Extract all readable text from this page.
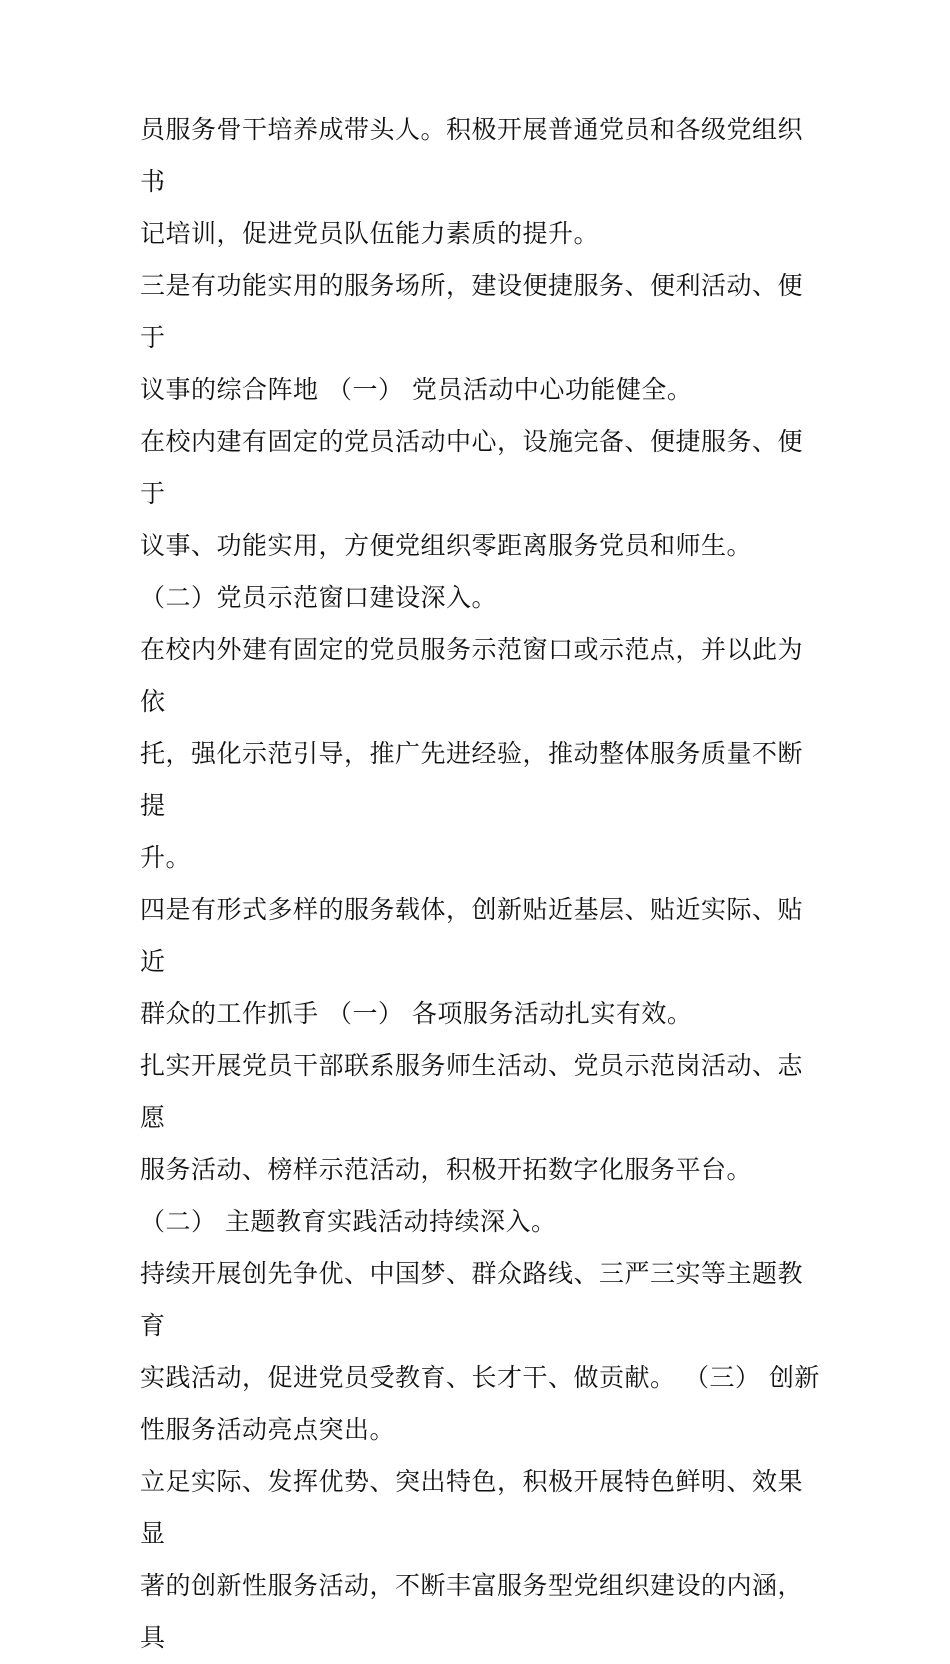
员服务骨干培养成带头人。积极开展普通党员和各级党组织书
记培训，促进党员队伍能力素质的提升。

三是有功能实用的服务场所，建设便捷服务、便利活动、便于
议事的综合阵地 （一） 党员活动中心功能健全。

在校内建有固定的党员活动中心，设施完备、便捷服务、便于
议事、功能实用，方便党组织零距离服务党员和师生。

（二）党员示范窗口建设深入。

在校内外建有固定的党员服务示范窗口或示范点，并以此为依
托，强化示范引导，推广先进经验，推动整体服务质量不断提
升。

四是有形式多样的服务载体，创新贴近基层、贴近实际、贴近
群众的工作抓手 （一） 各项服务活动扎实有效。

扎实开展党员干部联系服务师生活动、党员示范岗活动、志愿
服务活动、榜样示范活动，积极开拓数字化服务平台。

（二） 主题教育实践活动持续深入。

持续开展创先争优、中国梦、群众路线、三严三实等主题教育
实践活动，促进党员受教育、长才干、做贡献。 （三） 创新
性服务活动亮点突出。

立足实际、发挥优势、突出特色，积极开展特色鲜明、效果显
著的创新性服务活动，不断丰富服务型党组织建设的内涵，具
